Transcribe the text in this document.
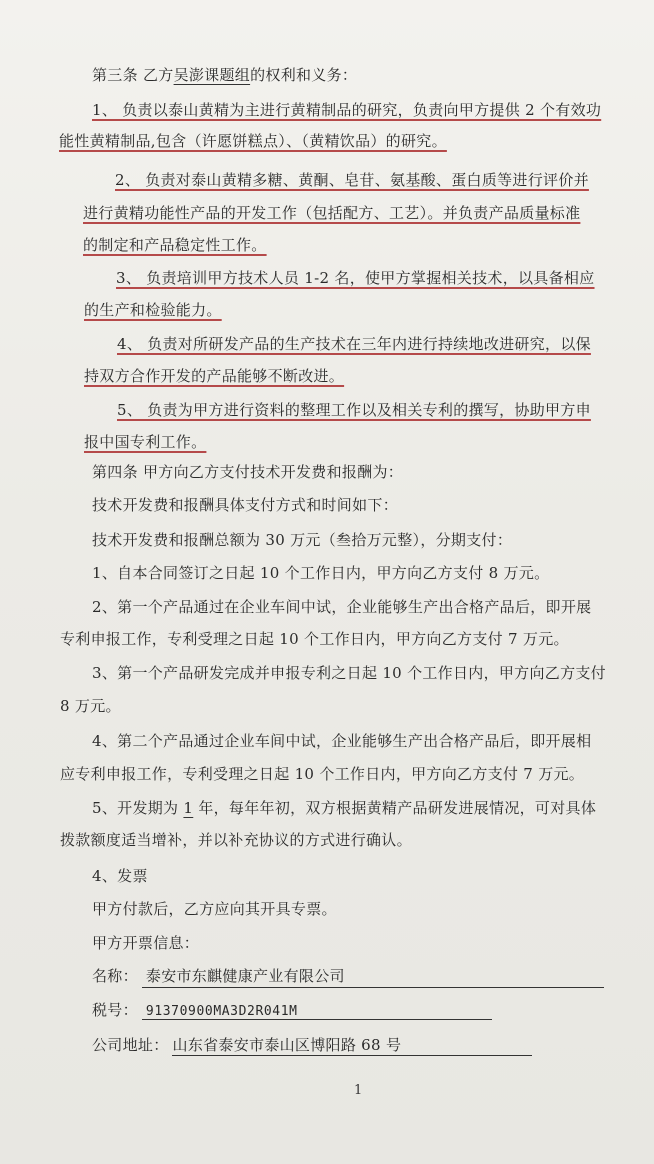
第三条 乙方吴澎课题组的权利和义务：
1、 负责以泰山黄精为主进行黄精制品的研究，负责向甲方提供 2 个有效功
能性黄精制品,包含（许愿饼糕点）、（黄精饮品）的研究。
2、 负责对泰山黄精多糖、黄酮、皂苷、氨基酸、蛋白质等进行评价并
进行黄精功能性产品的开发工作（包括配方、工艺）。并负责产品质量标准
的制定和产品稳定性工作。
3、 负责培训甲方技术人员 1-2 名，使甲方掌握相关技术，以具备相应
的生产和检验能力。
4、 负责对所研发产品的生产技术在三年内进行持续地改进研究，以保
持双方合作开发的产品能够不断改进。
5、 负责为甲方进行资料的整理工作以及相关专利的撰写，协助甲方申
报中国专利工作。
第四条 甲方向乙方支付技术开发费和报酬为：
技术开发费和报酬具体支付方式和时间如下：
技术开发费和报酬总额为 30 万元（叁拾万元整），分期支付：
1、自本合同签订之日起 10 个工作日内，甲方向乙方支付 8 万元。
2、第一个产品通过在企业车间中试，企业能够生产出合格产品后，即开展
专利申报工作，专利受理之日起 10 个工作日内，甲方向乙方支付 7 万元。
3、第一个产品研发完成并申报专利之日起 10 个工作日内，甲方向乙方支付
8 万元。
4、第二个产品通过企业车间中试，企业能够生产出合格产品后，即开展相
应专利申报工作，专利受理之日起 10 个工作日内，甲方向乙方支付 7 万元。
5、开发期为 1 年，每年年初，双方根据黄精产品研发进展情况，可对具体
拨款额度适当增补，并以补充协议的方式进行确认。
4、发票
甲方付款后，乙方应向其开具专票。
甲方开票信息：
名称： 泰安市东麒健康产业有限公司
税号： 91370900MA3D2R041M
公司地址： 山东省泰安市泰山区博阳路 68 号
1
